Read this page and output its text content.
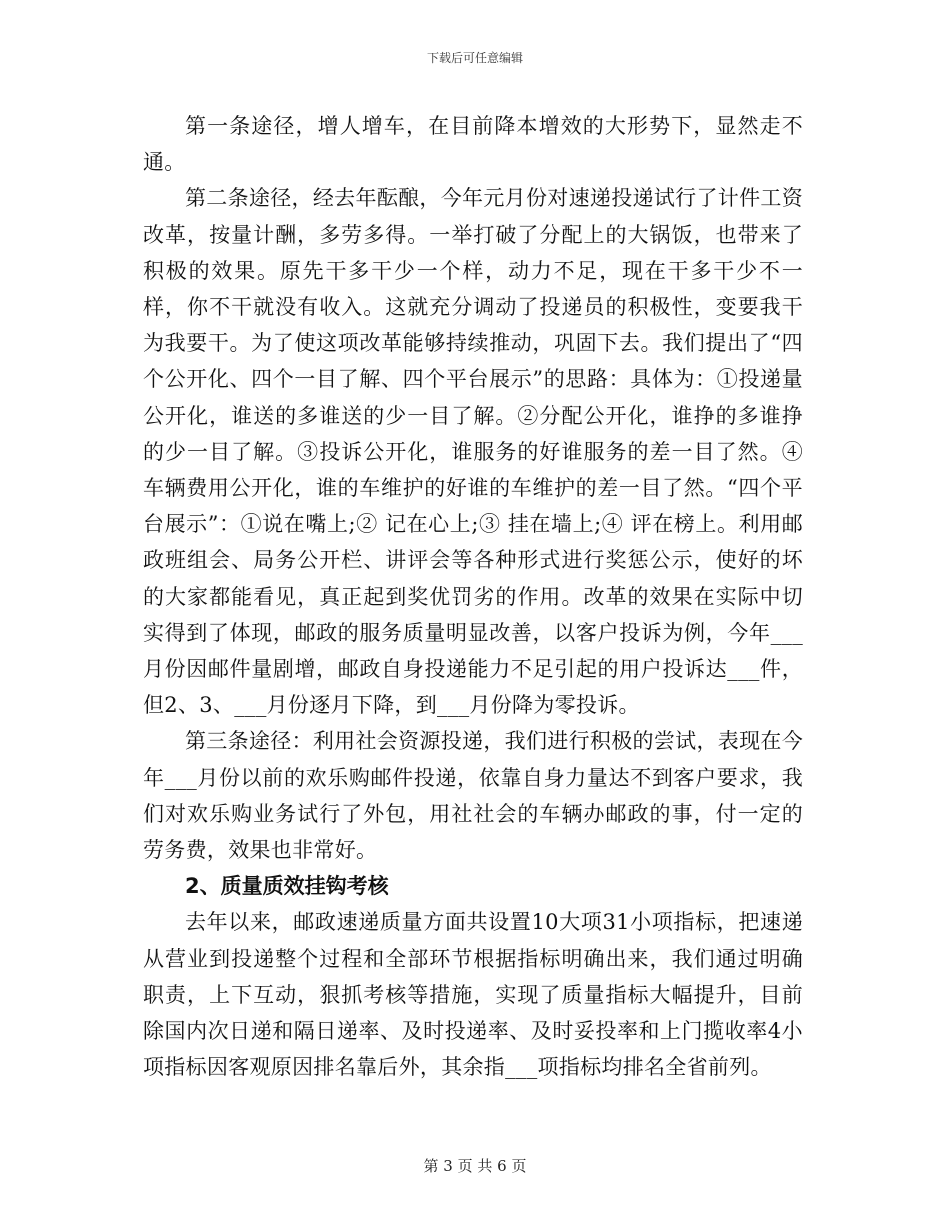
下载后可任意编辑

第一条途径，增人增车，在目前降本增效的大形势下，显然走不通。

第二条途径，经去年酝酿，今年元月份对速递投递试行了计件工资改革，按量计酬，多劳多得。一举打破了分配上的大锅饭，也带来了积极的效果。原先干多干少一个样，动力不足，现在干多干少不一样，你不干就没有收入。这就充分调动了投递员的积极性，变要我干为我要干。为了使这项改革能够持续推动，巩固下去。我们提出了“四个公开化、四个一目了解、四个平台展示”的思路：具体为：①投递量公开化，谁送的多谁送的少一目了解。②分配公开化，谁挣的多谁挣的少一目了解。③投诉公开化，谁服务的好谁服务的差一目了然。④车辆费用公开化，谁的车维护的好谁的车维护的差一目了然。“四个平台展示”：①说在嘴上;② 记在心上;③ 挂在墙上;④ 评在榜上。利用邮政班组会、局务公开栏、讲评会等各种形式进行奖惩公示，使好的坏的大家都能看见，真正起到奖优罚劣的作用。改革的效果在实际中切实得到了体现，邮政的服务质量明显改善，以客户投诉为例，今年___月份因邮件量剧增，邮政自身投递能力不足引起的用户投诉达___件，但2、3、___月份逐月下降，到___月份降为零投诉。

第三条途径：利用社会资源投递，我们进行积极的尝试，表现在今年___月份以前的欢乐购邮件投递，依靠自身力量达不到客户要求，我们对欢乐购业务试行了外包，用社社会的车辆办邮政的事，付一定的劳务费，效果也非常好。

2、质量质效挂钩考核

去年以来，邮政速递质量方面共设置10大项31小项指标，把速递从营业到投递整个过程和全部环节根据指标明确出来，我们通过明确职责，上下互动，狠抓考核等措施，实现了质量指标大幅提升，目前除国内次日递和隔日递率、及时投递率、及时妥投率和上门揽收率4小项指标因客观原因排名靠后外，其余指___项指标均排名全省前列。

第 3 页 共 6 页
